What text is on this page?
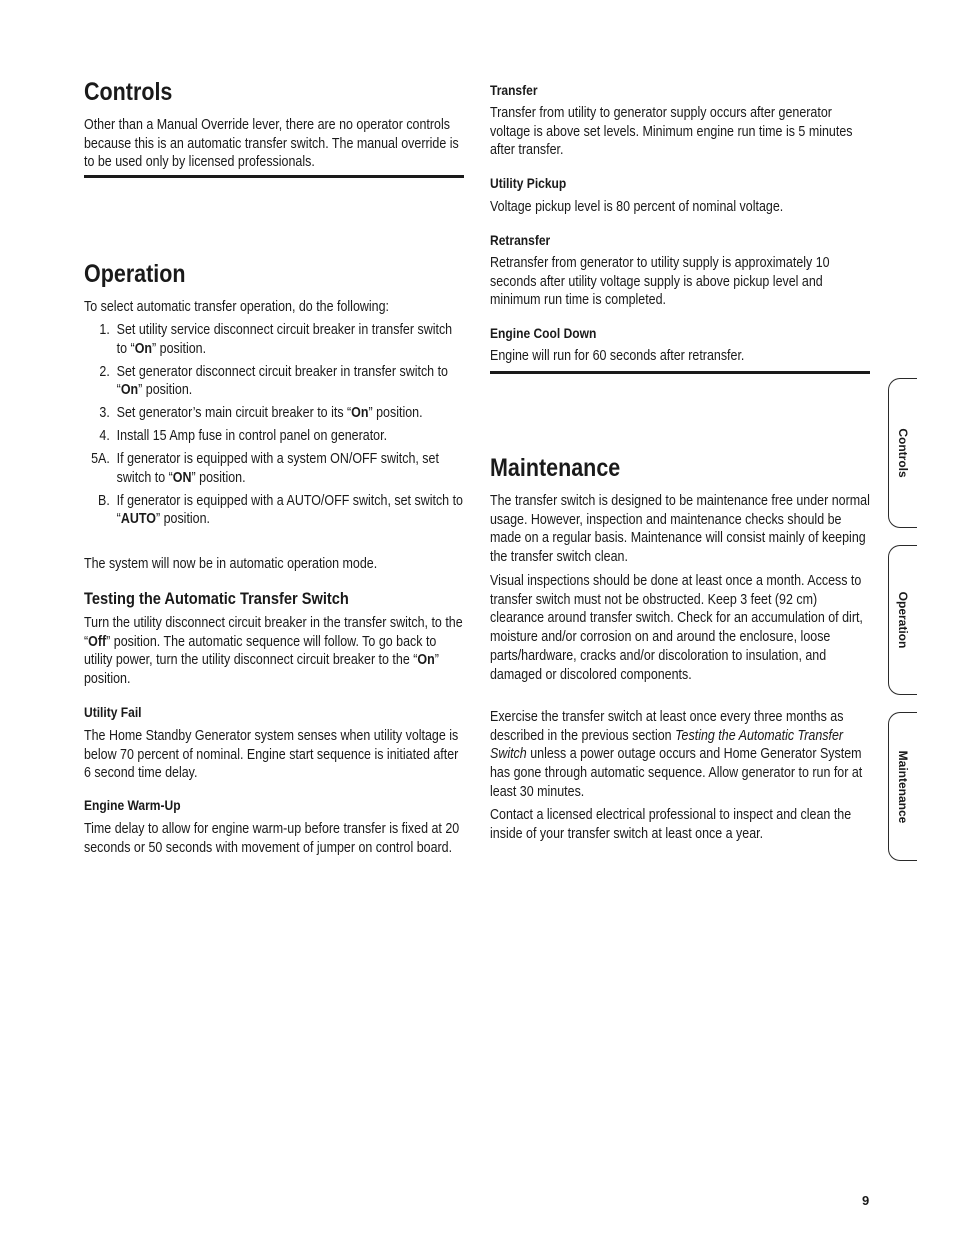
Controls

Other than a Manual Override lever, there are no operator controls because this is an automatic transfer switch. The manual override is to be used only by licensed professionals.

Operation

To select automatic transfer operation, do the following:

1. Set utility service disconnect circuit breaker in transfer switch to “On” position.
2. Set generator disconnect circuit breaker in transfer switch to “On” position.
3. Set generator’s main circuit breaker to its “On” position.
4. Install 15 Amp fuse in control panel on generator.
5A. If generator is equipped with a system ON/OFF switch, set switch to “ON” position.
B. If generator is equipped with a AUTO/OFF switch, set switch to “AUTO” position.

The system will now be in automatic operation mode.

Testing the Automatic Transfer Switch

Turn the utility disconnect circuit breaker in the transfer switch, to the “Off” position. The automatic sequence will follow. To go back to utility power, turn the utility disconnect circuit breaker to the “On” position.

Utility Fail

The Home Standby Generator system senses when utility voltage is below 70 percent of nominal. Engine start sequence is initiated after 6 second time delay.

Engine Warm-Up

Time delay to allow for engine warm-up before transfer is fixed at 20 seconds or 50 seconds with movement of jumper on control board.

Transfer

Transfer from utility to generator supply occurs after generator voltage is above set levels. Minimum engine run time is 5 minutes after transfer.

Utility Pickup

Voltage pickup level is 80 percent of nominal voltage.

Retransfer

Retransfer from generator to utility supply is approximately 10 seconds after utility voltage supply is above pickup level and minimum run time is completed.

Engine Cool Down

Engine will run for 60 seconds after retransfer.

Maintenance

The transfer switch is designed to be maintenance free under normal usage. However, inspection and maintenance checks should be made on a regular basis. Maintenance will consist mainly of keeping the transfer switch clean.

Visual inspections should be done at least once a month. Access to transfer switch must not be obstructed. Keep 3 feet (92 cm) clearance around transfer switch. Check for an accumulation of dirt, moisture and/or corrosion on and around the enclosure, loose parts/hardware, cracks and/or discoloration to insulation, and damaged or discolored components.

Exercise the transfer switch at least once every three months as described in the previous section Testing the Automatic Transfer Switch unless a power outage occurs and Home Generator System has gone through automatic sequence. Allow generator to run for at least 30 minutes.

Contact a licensed electrical professional to inspect and clean the inside of your transfer switch at least once a year.

Controls
Operation
Maintenance
9
